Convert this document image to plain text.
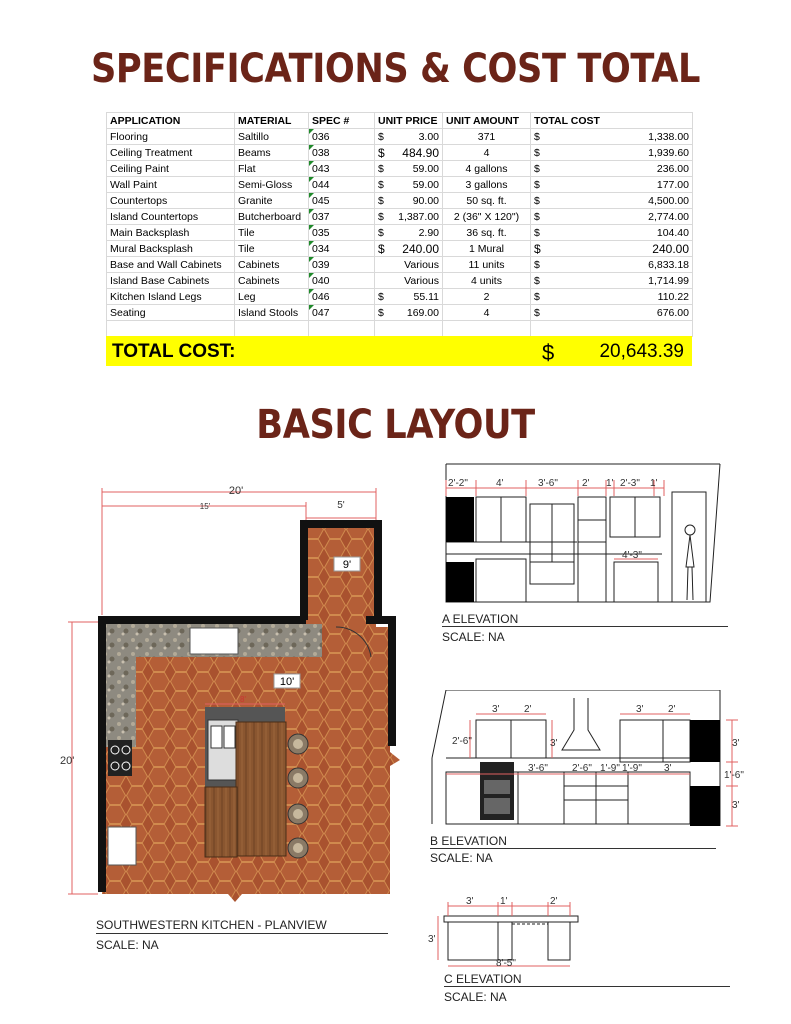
SPECIFICATIONS & COST TOTAL
APPLICATION	MATERIAL	SPEC #	UNIT PRICE	UNIT AMOUNT	TOTAL COST
Flooring	Saltillo	036	$ 3.00	371	$ 1,338.00

Ceiling Treatment	Beams	038	$ 484.90	4	$ 1,939.60

Ceiling Paint	Flat	043	$ 59.00	4 gallons	$ 236.00

Wall Paint	Semi-Gloss	044	$ 59.00	3 gallons	$ 177.00

Countertops	Granite	045	$ 90.00	50 sq. ft.	$ 4,500.00

Island Countertops	Butcherboard	037	$ 1,387.00	2 (36" X 120")	$ 2,774.00

Main Backsplash	Tile	035	$ 2.90	36 sq. ft.	$ 104.40

Mural Backsplash	Tile	034	$ 240.00	1 Mural	$ 240.00

Base and Wall Cabinets	Cabinets	039	Various	11 units	$ 6,833.18

Island Base Cabinets	Cabinets	040	Various	4 units	$ 1,714.99

Kitchen Island Legs	Leg	046	$ 55.11	2	$ 110.22

Seating	Island Stools	047	$ 169.00	4	$ 676.00

TOTAL COST:	$ 20,643.39
BASIC LAYOUT
20'
15'	5'
20'
9'
10'
8'
SOUTHWESTERN KITCHEN - PLANVIEW
SCALE: NA
2'-2"	4'	3'-6" 2' 1' 2'-3" 1'
4'-3"
A ELEVATION
SCALE: NA
3' 2'	3' 2'
2'-6"	3'	3'
1'-6"
3'
3'-6" 2'-6" 1'-9" 1'-9" 3'
B ELEVATION
SCALE: NA
3'	1'	2'
3'
8'-5"
C ELEVATION
SCALE: NA
